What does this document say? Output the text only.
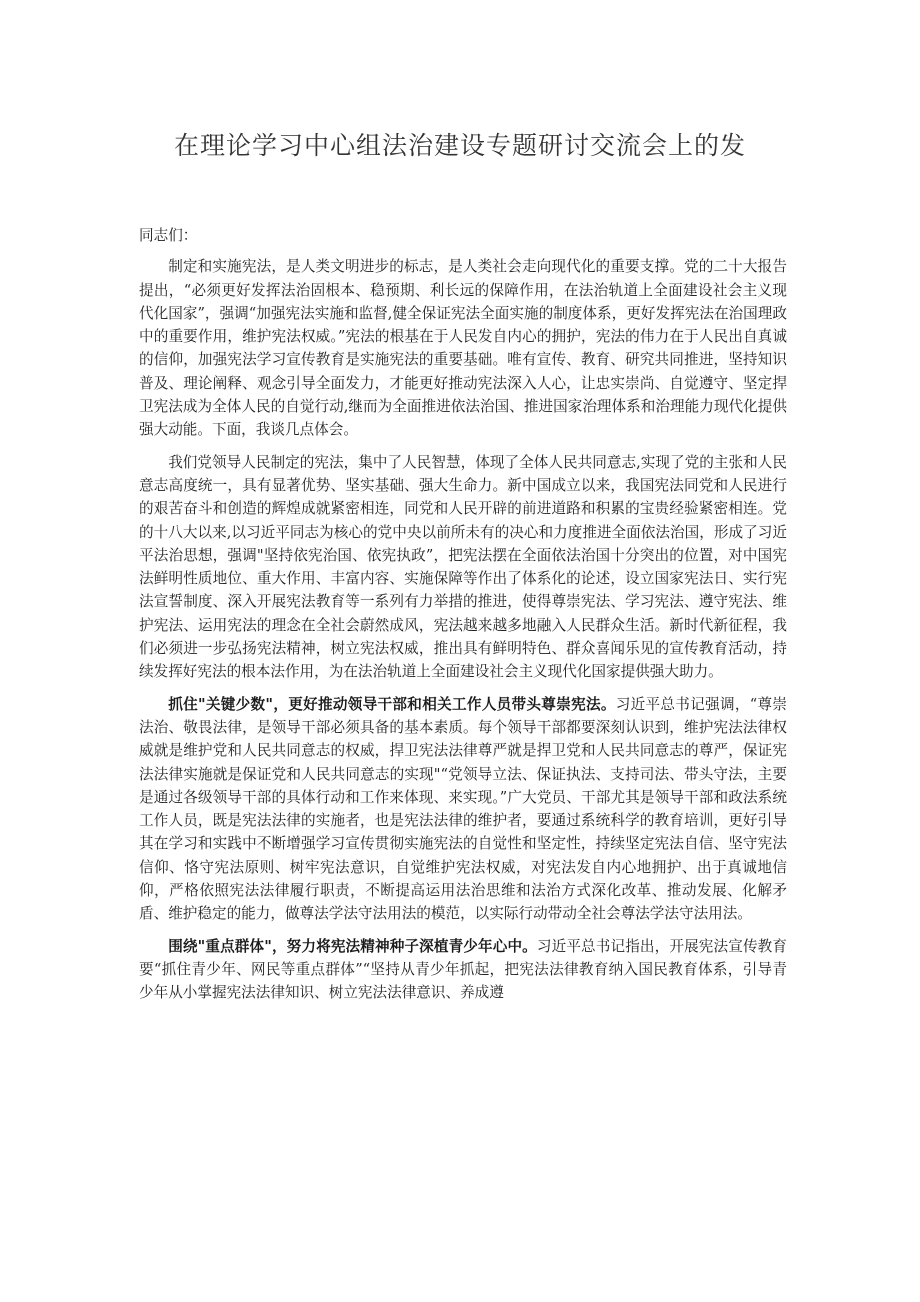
在理论学习中心组法治建设专题研讨交流会上的发

同志们：

制定和实施宪法，是人类文明进步的标志，是人类社会走向现代化的重要支撑。党的二十大报告提出，“必须更好发挥法治固根本、稳预期、利长远的保障作用，在法治轨道上全面建设社会主义现代化国家”，强调“加强宪法实施和监督,健全保证宪法全面实施的制度体系，更好发挥宪法在治国理政中的重要作用，维护宪法权威。”宪法的根基在于人民发自内心的拥护，宪法的伟力在于人民出自真诚的信仰，加强宪法学习宣传教育是实施宪法的重要基础。唯有宣传、教育、研究共同推进，坚持知识普及、理论阐释、观念引导全面发力，才能更好推动宪法深入人心，让忠实崇尚、自觉遵守、坚定捍卫宪法成为全体人民的自觉行动,继而为全面推进依法治国、推进国家治理体系和治理能力现代化提供强大动能。下面，我谈几点体会。

我们党领导人民制定的宪法，集中了人民智慧，体现了全体人民共同意志,实现了党的主张和人民意志高度统一，具有显著优势、坚实基础、强大生命力。新中国成立以来，我国宪法同党和人民进行的艰苦奋斗和创造的辉煌成就紧密相连，同党和人民开辟的前进道路和积累的宝贵经验紧密相连。党的十八大以来,以习近平同志为核心的党中央以前所未有的决心和力度推进全面依法治国，形成了习近平法治思想，强调"坚持依宪治国、依宪执政”，把宪法摆在全面依法治国十分突出的位置，对中国宪法鲜明性质地位、重大作用、丰富内容、实施保障等作出了体系化的论述，设立国家宪法日、实行宪法宣誓制度、深入开展宪法教育等一系列有力举措的推进，使得尊崇宪法、学习宪法、遵守宪法、维护宪法、运用宪法的理念在全社会蔚然成风，宪法越来越多地融入人民群众生活。新时代新征程，我们必须进一步弘扬宪法精神，树立宪法权威，推出具有鲜明特色、群众喜闻乐见的宣传教育活动，持续发挥好宪法的根本法作用，为在法治轨道上全面建设社会主义现代化国家提供强大助力。

抓住"关键少数"，更好推动领导干部和相关工作人员带头尊崇宪法。习近平总书记强调，“尊崇法治、敬畏法律，是领导干部必须具备的基本素质。每个领导干部都要深刻认识到，维护宪法法律权威就是维护党和人民共同意志的权威，捍卫宪法法律尊严就是捍卫党和人民共同意志的尊严，保证宪法法律实施就是保证党和人民共同意志的实现"“党领导立法、保证执法、支持司法、带头守法，主要是通过各级领导干部的具体行动和工作来体现、来实现。”广大党员、干部尤其是领导干部和政法系统工作人员，既是宪法法律的实施者，也是宪法法律的维护者，要通过系统科学的教育培训，更好引导其在学习和实践中不断增强学习宣传贯彻实施宪法的自觉性和坚定性，持续坚定宪法自信、坚守宪法信仰、恪守宪法原则、树牢宪法意识，自觉维护宪法权威，对宪法发自内心地拥护、出于真诚地信仰，严格依照宪法法律履行职责，不断提高运用法治思维和法治方式深化改革、推动发展、化解矛盾、维护稳定的能力，做尊法学法守法用法的模范，以实际行动带动全社会尊法学法守法用法。

围绕"重点群体"，努力将宪法精神种子深植青少年心中。习近平总书记指出，开展宪法宣传教育要“抓住青少年、网民等重点群体”“坚持从青少年抓起，把宪法法律教育纳入国民教育体系，引导青少年从小掌握宪法法律知识、树立宪法法律意识、养成遵
